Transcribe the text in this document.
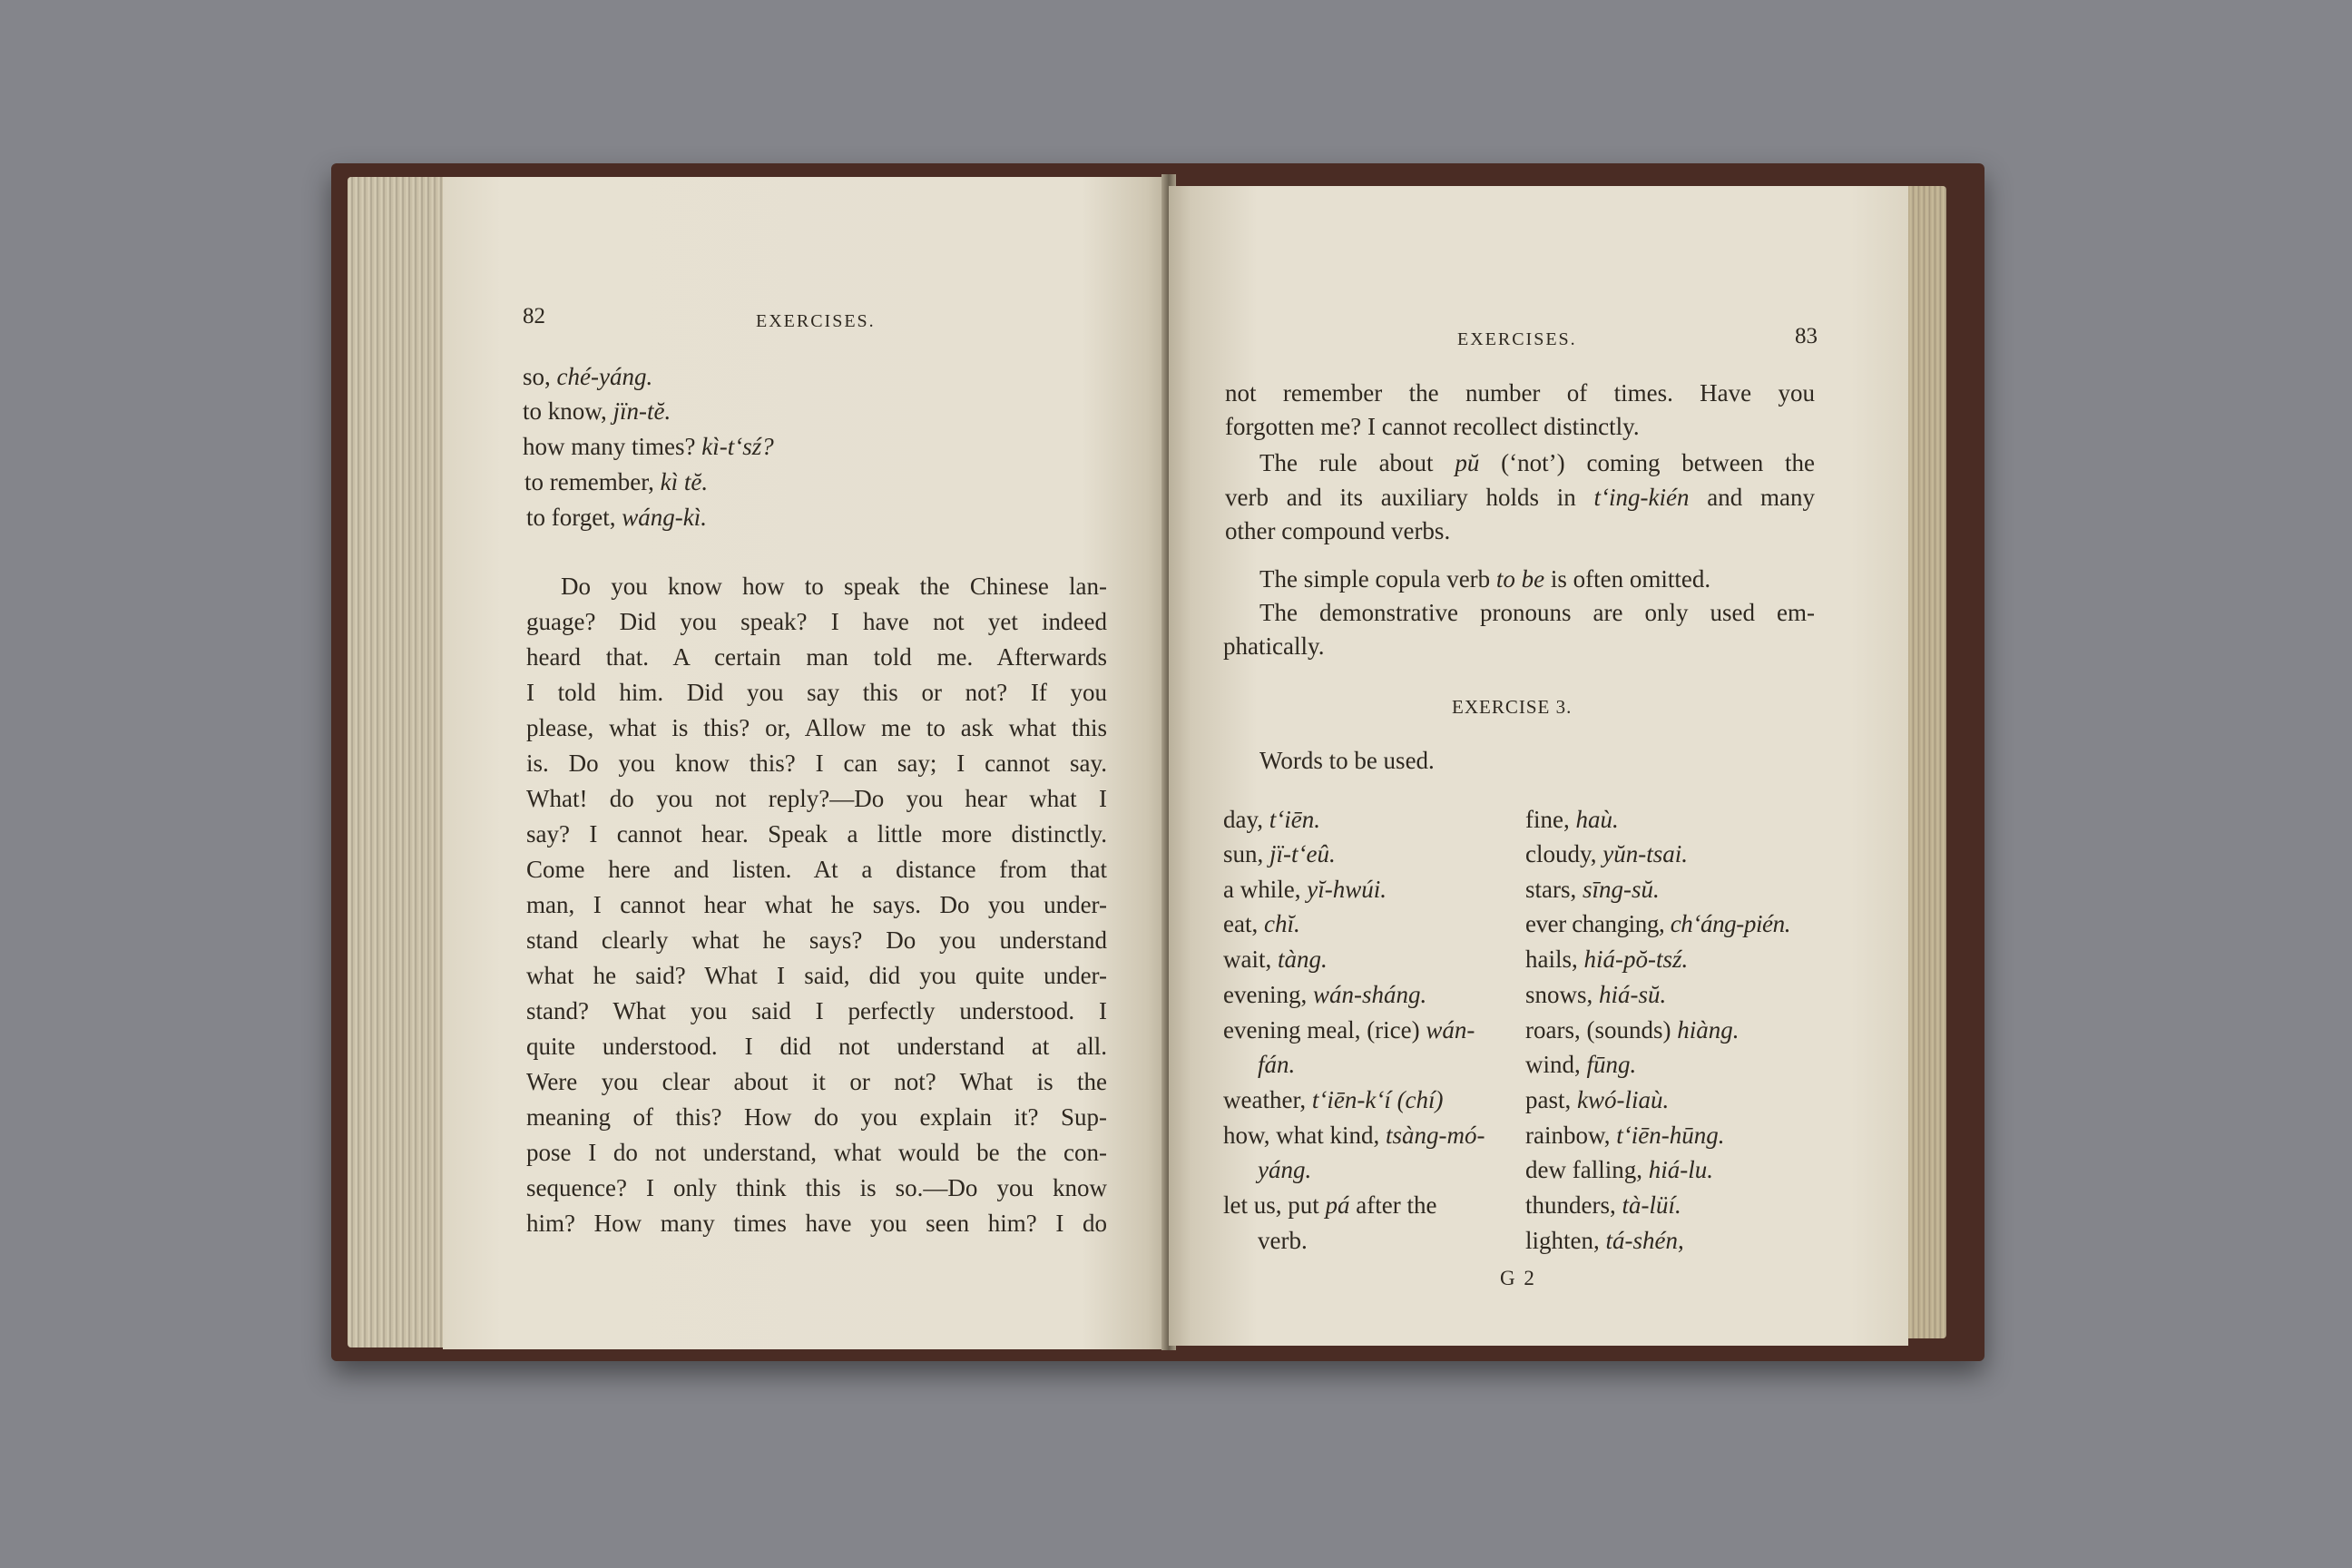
82	EXERCISES.
so, ché-yáng.
to know, jïn-tĕ.
how many times? kì-t‘sź?
to remember, kì tĕ.
to forget, wáng-kì.
Do you know how to speak the Chinese lan-
guage? Did you speak? I have not yet indeed
heard that. A certain man told me. Afterwards
I told him. Did you say this or not? If you
please, what is this? or, Allow me to ask what this
is. Do you know this? I can say; I cannot say.
What! do you not reply?—Do you hear what I
say? I cannot hear. Speak a little more distinctly.
Come here and listen. At a distance from that
man, I cannot hear what he says. Do you under-
stand clearly what he says? Do you understand
what he said? What I said, did you quite under-
stand? What you said I perfectly understood. I
quite understood. I did not understand at all.
Were you clear about it or not? What is the
meaning of this? How do you explain it? Sup-
pose I do not understand, what would be the con-
sequence? I only think this is so.—Do you know
him? How many times have you seen him? I do
EXERCISES.	83
not remember the number of times. Have you
forgotten me? I cannot recollect distinctly.
The rule about pŭ (‘not’) coming between the
verb and its auxiliary holds in t‘ing-kién and many
other compound verbs.
The simple copula verb to be is often omitted.
The demonstrative pronouns are only used em-
phatically.
EXERCISE 3.
Words to be used.
day, t‘iēn.
sun, jï-t‘eû.
a while, yĭ-hwúi.
eat, chĭ.
wait, tàng.
evening, wán-sháng.
evening meal, (rice) wán-
fán.
weather, t‘iēn-k‘í (chí)
how, what kind, tsàng-mó-
yáng.
let us, put pá after the
verb.
fine, haù.
cloudy, yŭn-tsai.
stars, sīng-sŭ.
ever changing, ch‘áng-pién.
hails, hiá-pŏ-tsź.
snows, hiá-sŭ.
roars, (sounds) hiàng.
wind, fūng.
past, kwó-liaù.
rainbow, t‘iēn-hūng.
dew falling, hiá-lu.
thunders, tà-lüí.
lighten, tá-shén,
G 2
